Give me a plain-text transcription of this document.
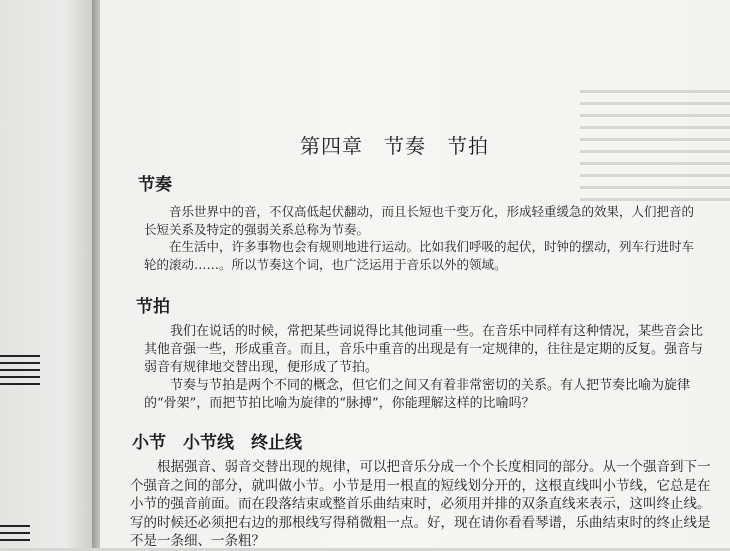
第四章　节奏　节拍
节奏

音乐世界中的音，不仅高低起伏翻动，而且长短也千变万化，形成轻重缓急的效果，人们把音的长短关系及特定的强弱关系总称为节奏。

在生活中，许多事物也会有规则地进行运动。比如我们呼吸的起伏，时钟的摆动，列车行进时车轮的滚动……。所以节奏这个词，也广泛运用于音乐以外的领域。

节拍

我们在说话的时候，常把某些词说得比其他词重一些。在音乐中同样有这种情况，某些音会比其他音强一些，形成重音。而且，音乐中重音的出现是有一定规律的，往往是定期的反复。强音与弱音有规律地交替出现，便形成了节拍。

节奏与节拍是两个不同的概念，但它们之间又有着非常密切的关系。有人把节奏比喻为旋律的“骨架”，而把节拍比喻为旋律的“脉搏”，你能理解这样的比喻吗？

小节　小节线　终止线

根据强音、弱音交替出现的规律，可以把音乐分成一个个长度相同的部分。从一个强音到下一个强音之间的部分，就叫做小节。小节是用一根直的短线划分开的，这根直线叫小节线，它总是在小节的强音前面。而在段落结束或整首乐曲结束时，必须用并排的双条直线来表示，这叫终止线。写的时候还必须把右边的那根线写得稍微粗一点。好，现在请你看看琴谱，乐曲结束时的终止线是不是一条细、一条粗？
